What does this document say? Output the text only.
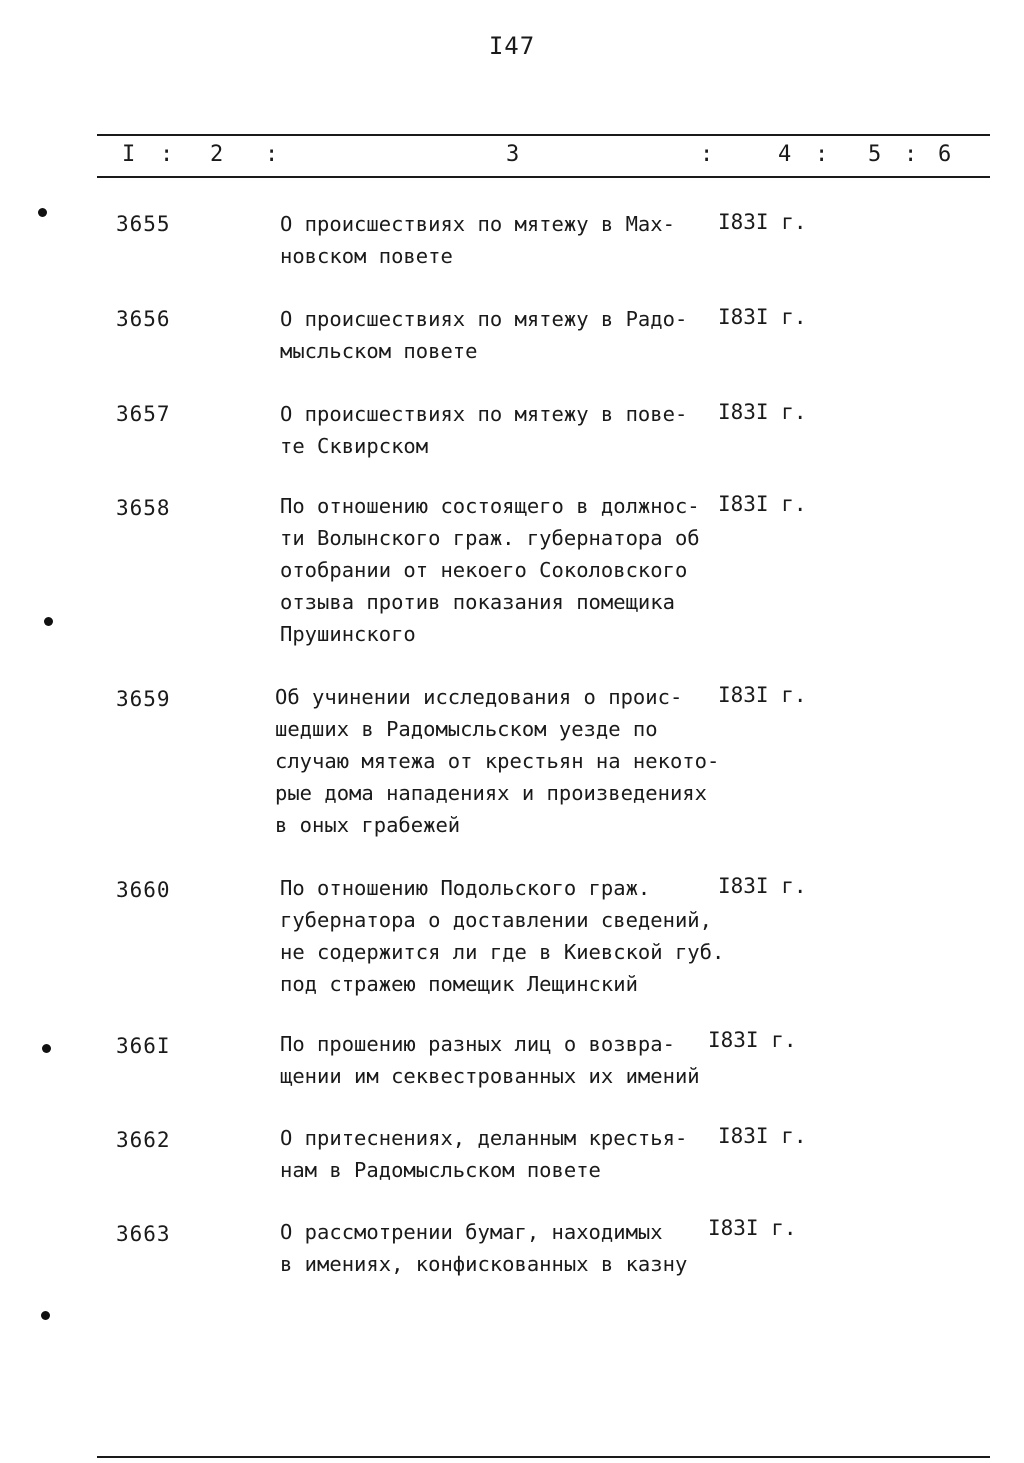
I47
I : 2 :	3	:	4 : 5 : 6
3655	О происшествиях по мятежу в Мах-
новском повете
I83I г.
3656	О происшествиях по мятежу в Радо-
мысльском повете
I83I г.
3657	О происшествиях по мятежу в пове-
те Сквирском
I83I г.
3658	По отношению состоящего в должнос-
ти Волынского граж. губернатора об
отобрании от некоего Соколовского
отзыва против показания помещика
Прушинского
I83I г.
3659	Об учинении исследования о проис-
шедших в Радомысльском уезде по
случаю мятежа от крестьян на некото-
рые дома нападениях и произведениях
в оных грабежей
I83I г.
3660	По отношению Подольского граж.
губернатора о доставлении сведений,
не содержится ли где в Киевской губ.
под стражею помещик Лещинский
I83I г.
366I	По прошению разных лиц о возвра-
щении им секвестрованных их имений
I83I г.
3662	О притеснениях, деланным крестья-
нам в Радомысльском повете
I83I г.
3663	О рассмотрении бумаг, находимых
в имениях, конфискованных в казну
I83I г.
